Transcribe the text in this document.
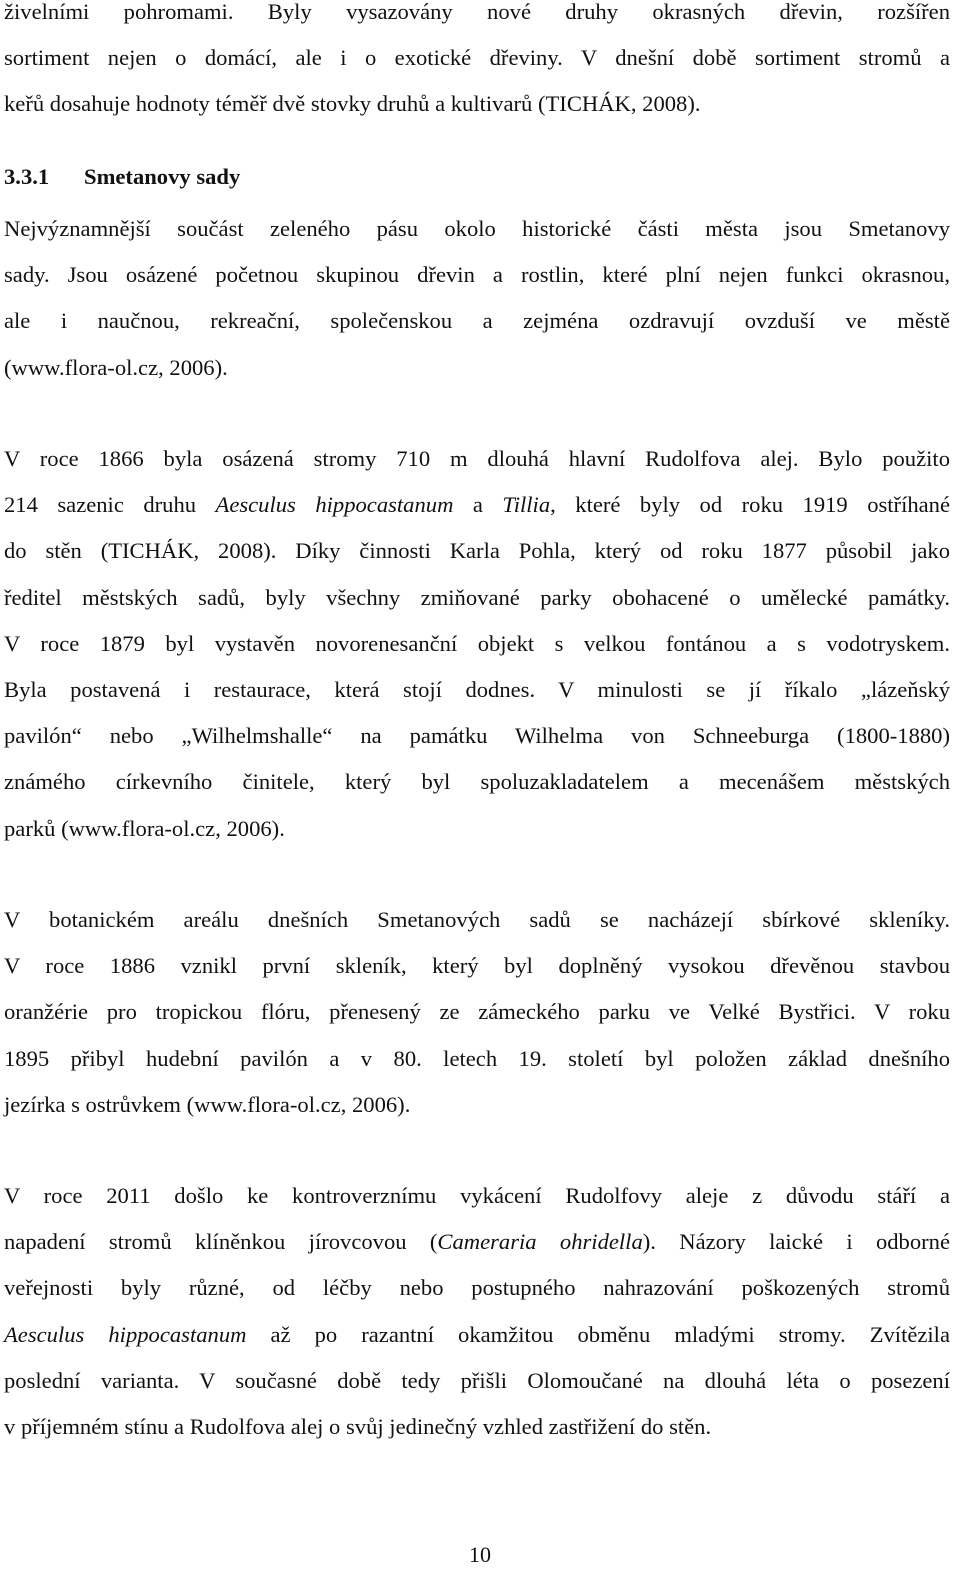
živelními pohromami. Byly vysazovány nové druhy okrasných dřevin, rozšířen
sortiment nejen o domácí, ale i o exotické dřeviny. V dnešní době sortiment stromů a
keřů dosahuje hodnoty téměř dvě stovky druhů a kultivarů (TICHÁK, 2008).
3.3.1 Smetanovy sady
Nejvýznamnější součást zeleného pásu okolo historické části města jsou Smetanovy
sady. Jsou osázené početnou skupinou dřevin a rostlin, které plní nejen funkci okrasnou,
ale i naučnou, rekreační, společenskou a zejména ozdravují ovzduší ve městě
(www.flora-ol.cz, 2006).
V roce 1866 byla osázená stromy 710 m dlouhá hlavní Rudolfova alej. Bylo použito
214 sazenic druhu Aesculus hippocastanum a Tillia, které byly od roku 1919 ostříhané
do stěn (TICHÁK, 2008). Díky činnosti Karla Pohla, který od roku 1877 působil jako
ředitel městských sadů, byly všechny zmiňované parky obohacené o umělecké památky.
V roce 1879 byl vystavěn novorenesanční objekt s velkou fontánou a s vodotryskem.
Byla postavená i restaurace, která stojí dodnes. V minulosti se jí říkalo „lázeňský
pavilón“ nebo „Wilhelmshalle“ na památku Wilhelma von Schneeburga (1800-1880)
známého církevního činitele, který byl spoluzakladatelem a mecenášem městských
parků (www.flora-ol.cz, 2006).
V botanickém areálu dnešních Smetanových sadů se nacházejí sbírkové skleníky.
V roce 1886 vznikl první skleník, který byl doplněný vysokou dřevěnou stavbou
oranžérie pro tropickou flóru, přenesený ze zámeckého parku ve Velké Bystřici. V roku
1895 přibyl hudební pavilón a v 80. letech 19. století byl položen základ dnešního
jezírka s ostrůvkem (www.flora-ol.cz, 2006).
V roce 2011 došlo ke kontroverznímu vykácení Rudolfovy aleje z důvodu stáří a
napadení stromů klíněnkou jírovcovou (Cameraria ohridella). Názory laické i odborné
veřejnosti byly různé, od léčby nebo postupného nahrazování poškozených stromů
Aesculus hippocastanum až po razantní okamžitou obměnu mladými stromy. Zvítězila
poslední varianta. V současné době tedy přišli Olomoučané na dlouhá léta o posezení
v příjemném stínu a Rudolfova alej o svůj jedinečný vzhled zastřižení do stěn.
10
